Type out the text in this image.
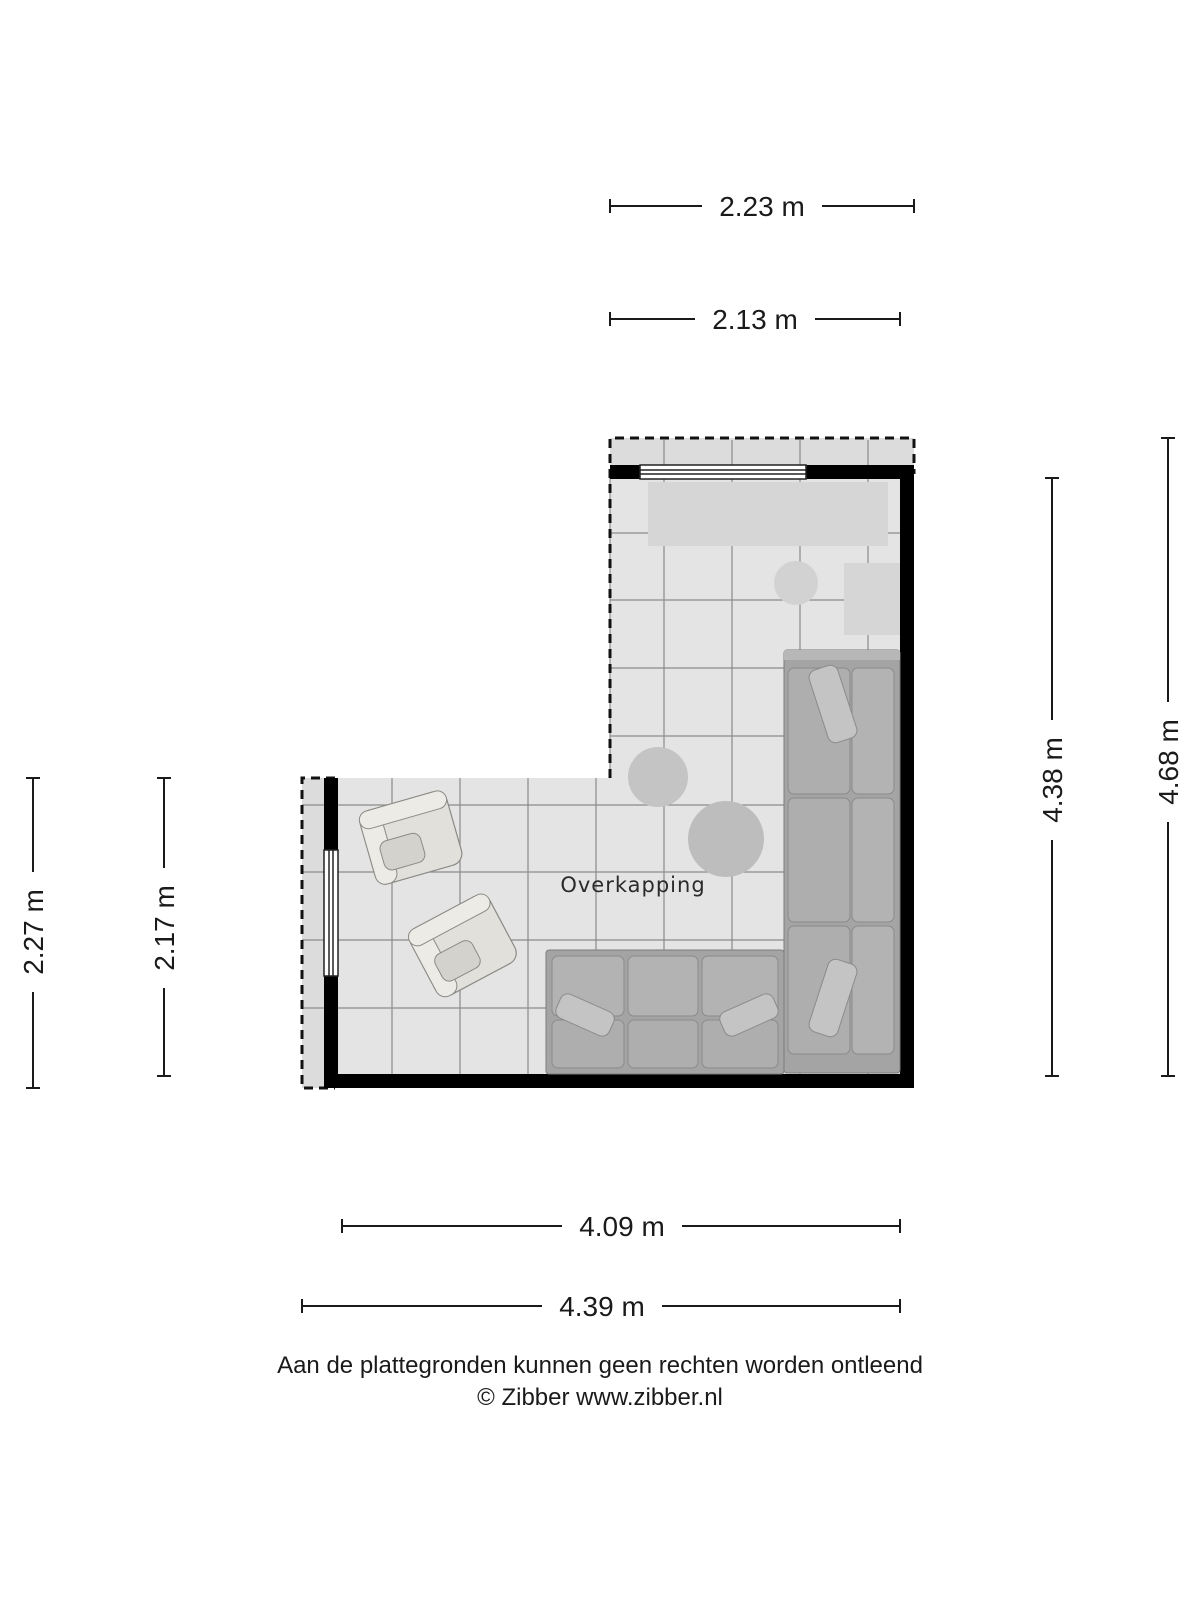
Overkapping
2.23 m
2.13 m
4.38 m	4.68 m
2.27 m	2.17 m
4.09 m
4.39 m
Aan de plattegronden kunnen geen rechten worden ontleend
© Zibber www.zibber.nl
